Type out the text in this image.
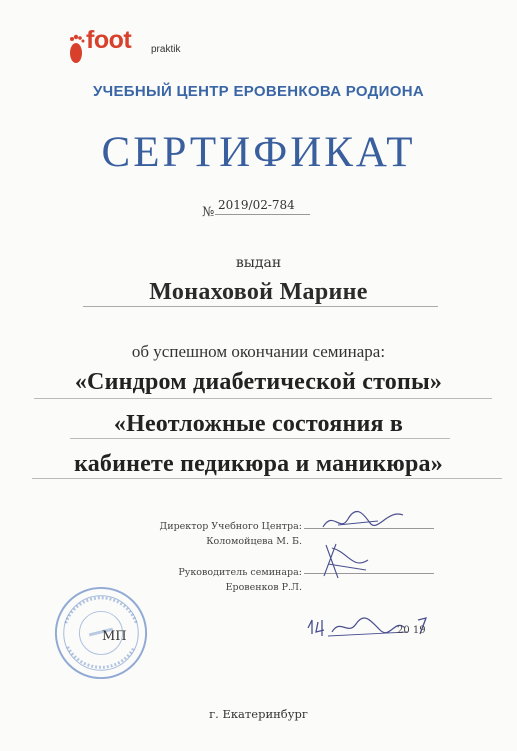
foot praktik
УЧЕБНЫЙ ЦЕНТР ЕРОВЕНКОВА РОДИОНА
СЕРТИФИКАТ
№ 2019/02-784
выдан
Монаховой Марине
об успешном окончании семинара:
«Синдром диабетической стопы»
«Неотложные состояния в
кабинете педикюра и маникюра»
Директор Учебного Центра:
Коломойцева М. Б.
Руководитель семинара:
Еровенков Р.Л.
МП	20 19
г. Екатеринбург
